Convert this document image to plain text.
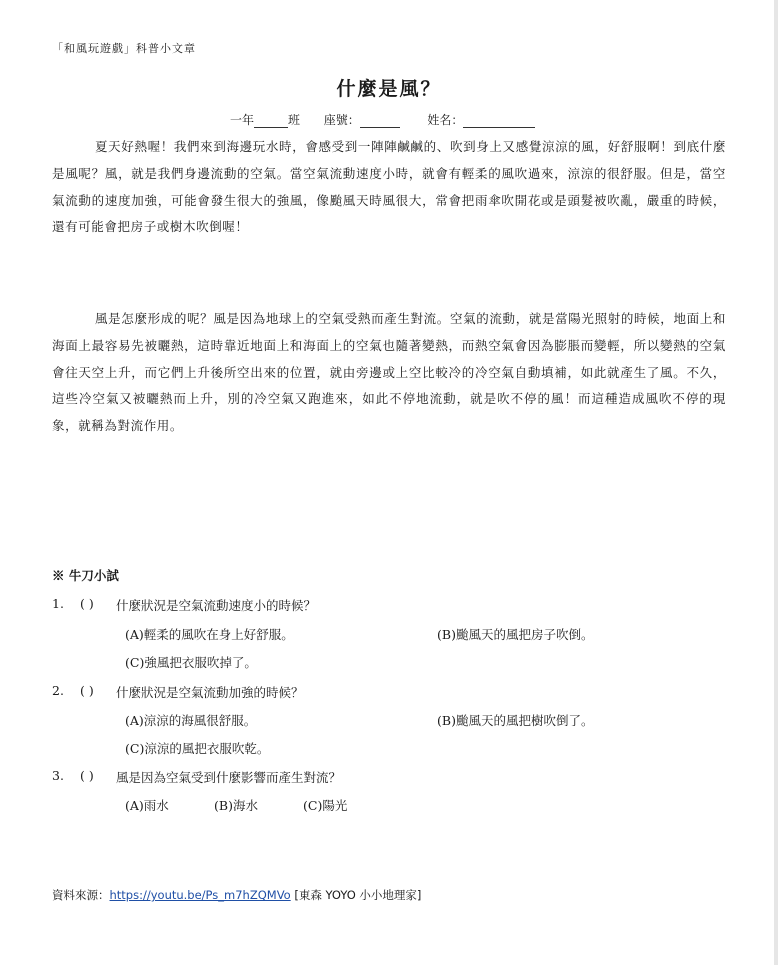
「和風玩遊戲」科普小文章
什麼是風？
一年	班 座號：	姓名：
夏天好熱喔！我們來到海邊玩水時，會感受到一陣陣鹹鹹的、吹到身上又感覺涼涼的風，好舒服啊！到底什麼是風呢？風，就是我們身邊流動的空氣。當空氣流動速度小時，就會有輕柔的風吹過來，涼涼的很舒服。但是，當空氣流動的速度加強，可能會發生很大的強風，像颱風天時風很大，常會把雨傘吹開花或是頭髮被吹亂，嚴重的時候，還有可能會把房子或樹木吹倒喔！
風是怎麼形成的呢？風是因為地球上的空氣受熱而產生對流。空氣的流動，就是當陽光照射的時候，地面上和海面上最容易先被曬熱，這時靠近地面上和海面上的空氣也隨著變熱，而熱空氣會因為膨脹而變輕，所以變熱的空氣會往天空上升，而它們上升後所空出來的位置，就由旁邊或上空比較冷的冷空氣自動填補，如此就產生了風。不久，這些冷空氣又被曬熱而上升，別的冷空氣又跑進來，如此不停地流動，就是吹不停的風！而這種造成風吹不停的現象，就稱為對流作用。
※ 牛刀小試
1. ( ) 什麼狀況是空氣流動速度小的時候？
(A)輕柔的風吹在身上好舒服。	(B)颱風天的風把房子吹倒。
(C)強風把衣服吹掉了。
2. ( ) 什麼狀況是空氣流動加強的時候？
(A)涼涼的海風很舒服。	(B)颱風天的風把樹吹倒了。
(C)涼涼的風把衣服吹乾。
3. ( ) 風是因為空氣受到什麼影響而產生對流？
(A)雨水	(B)海水	(C)陽光
資料來源：https://youtu.be/Ps_m7hZQMVo [東森 YOYO 小小地理家]
